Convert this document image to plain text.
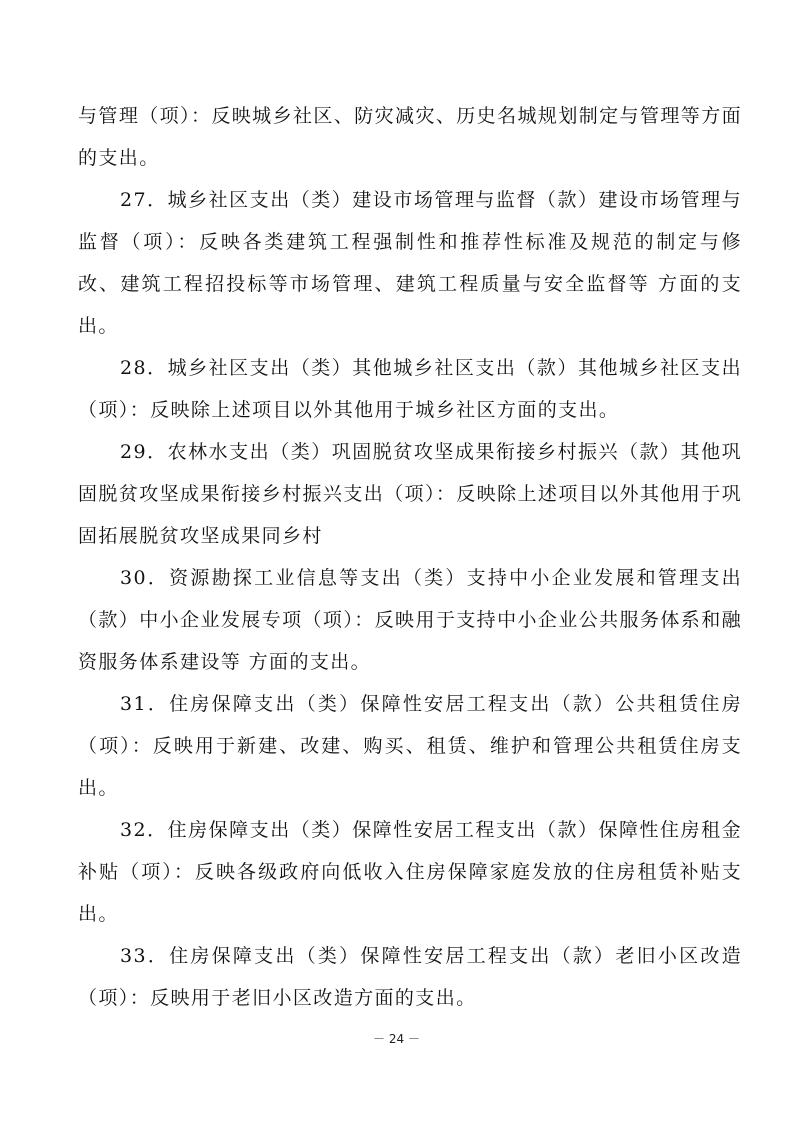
与管理（项）：反映城乡社区、防灾减灾、历史名城规划制定与管理等方面 的支出。

27．城乡社区支出（类）建设市场管理与监督（款）建设市场管理与监督（项）：反映各类建筑工程强制性和推荐性标准及规范的制定与修 改、建筑工程招投标等市场管理、建筑工程质量与安全监督等 方面的支出。

28．城乡社区支出（类）其他城乡社区支出（款）其他城乡社区支出（项）：反映除上述项目以外其他用于城乡社区方面的支出。

29．农林水支出（类）巩固脱贫攻坚成果衔接乡村振兴（款）其他巩固脱贫攻坚成果衔接乡村振兴支出（项）：反映除上述项目以外其他用于巩固拓展脱贫攻坚成果同乡村

30．资源勘探工业信息等支出（类）支持中小企业发展和管理支出（款）中小企业发展专项（项）：反映用于支持中小企业公共服务体系和融资服务体系建设等 方面的支出。

31．住房保障支出（类）保障性安居工程支出（款）公共租赁住房（项）：反映用于新建、改建、购买、租赁、维护和管理公共租赁住房支出。

32．住房保障支出（类）保障性安居工程支出（款）保障性住房租金补贴（项）：反映各级政府向低收入住房保障家庭发放的住房租赁补贴支出。

33．住房保障支出（类）保障性安居工程支出（款）老旧小区改造（项）：反映用于老旧小区改造方面的支出。

－ 24 －
